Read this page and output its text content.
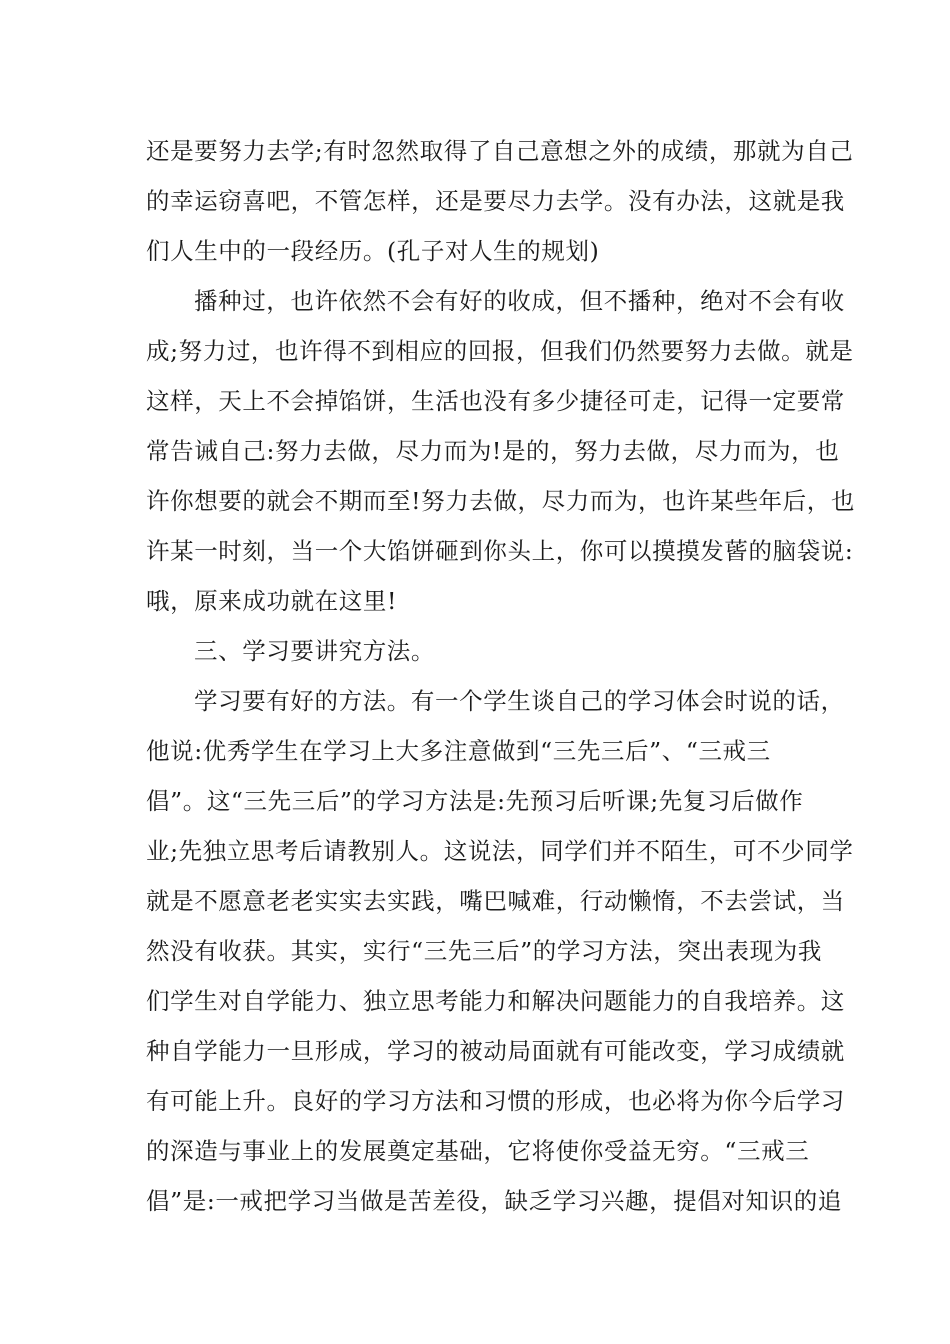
还是要努力去学;有时忽然取得了自己意想之外的成绩，那就为自己

的幸运窃喜吧，不管怎样，还是要尽力去学。没有办法，这就是我

们人生中的一段经历。(孔子对人生的规划)

播种过，也许依然不会有好的收成，但不播种，绝对不会有收

成;努力过，也许得不到相应的回报，但我们仍然要努力去做。就是

这样，天上不会掉馅饼，生活也没有多少捷径可走，记得一定要常

常告诫自己:努力去做，尽力而为!是的，努力去做，尽力而为，也

许你想要的就会不期而至!努力去做，尽力而为，也许某些年后，也

许某一时刻，当一个大馅饼砸到你头上，你可以摸摸发蒈的脑袋说:

哦，原来成功就在这里!

三、学习要讲究方法。

学习要有好的方法。有一个学生谈自己的学习体会时说的话，

他说:优秀学生在学习上大多注意做到“三先三后”、“三戒三

倡”。这“三先三后”的学习方法是:先预习后听课;先复习后做作

业;先独立思考后请教别人。这说法，同学们并不陌生，可不少同学

就是不愿意老老实实去实践，嘴巴喊难，行动懒惰，不去尝试，当

然没有收获。其实，实行“三先三后”的学习方法，突出表现为我

们学生对自学能力、独立思考能力和解决问题能力的自我培养。这

种自学能力一旦形成，学习的被动局面就有可能改变，学习成绩就

有可能上升。良好的学习方法和习惯的形成，也必将为你今后学习

的深造与事业上的发展奠定基础，它将使你受益无穷。“三戒三

倡”是:一戒把学习当做是苦差役，缺乏学习兴趣，提倡对知识的追
